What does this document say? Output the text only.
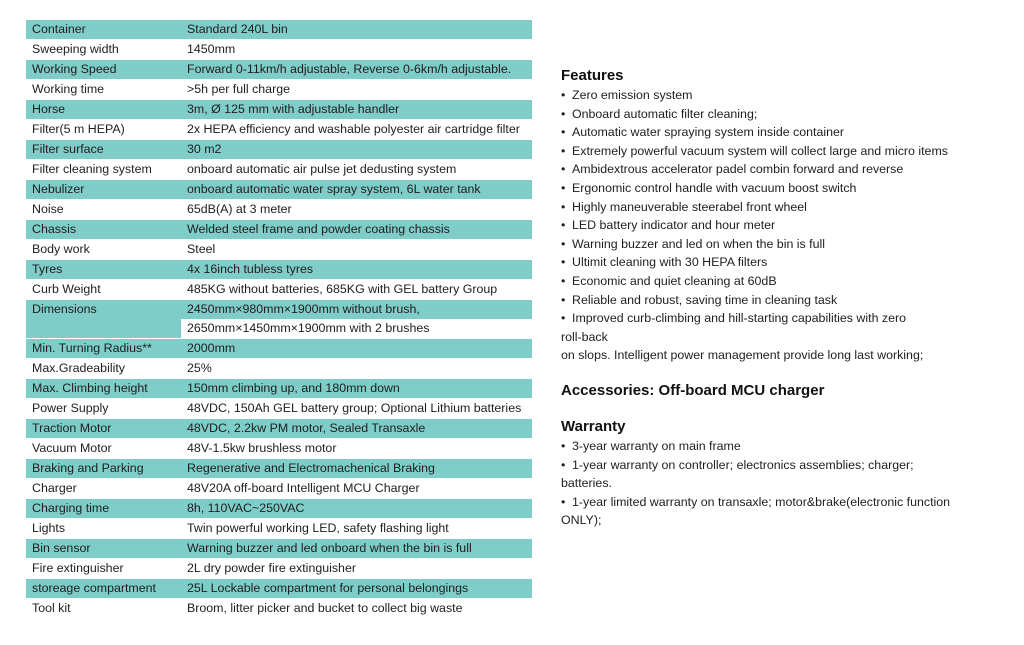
Container	Standard 240L bin

Sweeping width	1450mm

Working Speed	Forward 0-11km/h adjustable, Reverse 0-6km/h adjustable.

Working time	>5h per full charge

Horse	3m, Ø 125 mm with adjustable handler

Filter(5 m HEPA)	2x HEPA efficiency and washable polyester air cartridge filter

Filter surface	30 m2

Filter cleaning system	onboard automatic air pulse jet dedusting system

Nebulizer	onboard automatic water spray system, 6L water tank

Noise	65dB(A) at 3 meter

Chassis	Welded steel frame and powder coating chassis

Body work	Steel

Tyres	4x 16inch tubless tyres

Curb Weight	485KG without batteries, 685KG with GEL battery Group

Dimensions	2450mm×980mm×1900mm without brush,
2650mm×1450mm×1900mm with 2 brushes

Min. Turning Radius**	2000mm

Max.Gradeability	25%

Max. Climbing height	150mm climbing up, and 180mm down

Power Supply	48VDC, 150Ah GEL battery group; Optional Lithium batteries

Traction Motor	48VDC, 2.2kw PM motor, Sealed Transaxle

Vacuum Motor	48V-1.5kw brushless motor

Braking and Parking	Regenerative and Electromachenical Braking

Charger	48V20A off-board Intelligent MCU Charger

Charging time	8h, 110VAC~250VAC

Lights	Twin powerful working LED, safety flashing light

Bin sensor	Warning buzzer and led onboard when the bin is full

Fire extinguisher	2L dry powder fire extinguisher

storeage compartment	25L Lockable compartment for personal belongings

Tool kit	Broom, litter picker and bucket to collect big waste
Features
• Zero emission system
• Onboard automatic filter cleaning;
• Automatic water spraying system inside container
• Extremely powerful vacuum system will collect large and micro items
• Ambidextrous accelerator padel combin forward and reverse
• Ergonomic control handle with vacuum boost switch
• Highly maneuverable steerabel front wheel
• LED battery indicator and hour meter
• Warning buzzer and led on when the bin is full
• Ultimit cleaning with 30 HEPA filters
• Economic and quiet cleaning at 60dB
• Reliable and robust, saving time in cleaning task
• Improved curb-climbing and hill-starting capabilities with zero
roll-back
on slops. Intelligent power management provide long last working;
Accessories: Off-board MCU charger
Warranty
• 3-year warranty on main frame
• 1-year warranty on controller; electronics assemblies; charger;
batteries.
• 1-year limited warranty on transaxle; motor&brake(electronic function
ONLY);
